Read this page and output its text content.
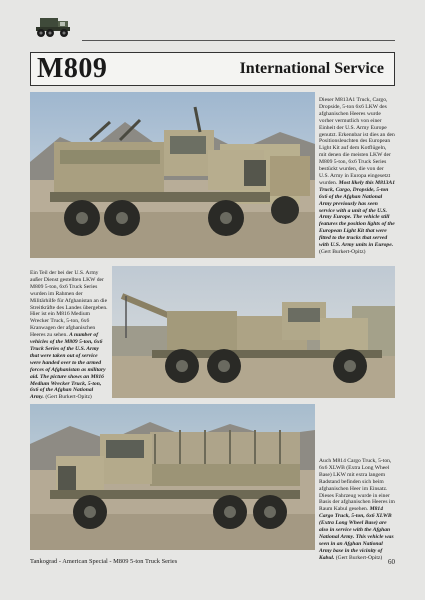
M809	International Service
Dieser M813A1 Truck, Cargo, Dropside, 5-ton 6x6 LKW des afghanischen Heeres wurde vorher vermutlich von einer Einheit der U.S. Army Europe genutzt. Erkennbar ist dies an den Positionsleuchten des European Light Kit auf dem Kotflügeln, mit denen die meisten LKW der M809 5-ton, 6x6 Truck Series bestückt wurden, die von der U.S. Army in Europa eingesetzt wurden. Most likely this M813A1 Truck, Cargo, Dropside, 5-ton 6x6 of the Afghan National Army previously has seen service with a unit of the U.S. Army Europe. The vehicle still features the position lights of the European Light Kit that were fitted to the trucks that served with U.S. Army units in Europe. (Gert Burkert-Opitz)
Ein Teil der bei der U.S. Army außer Dienst gestellten LKW der M809 5-ton, 6x6 Truck Series wurden im Rahmen der Militärhilfe für Afghanistan an die Streitkräfte des Landes übergeben. Hier ist ein M816 Medium Wrecker Truck, 5-ton, 6x6 Kranwagen der afghanischen Heeres zu sehen. A number of vehicles of the M809 5-ton, 6x6 Truck Series of the U.S. Army that were taken out of service were handed over to the armed forces of Afghanistan as military aid. The picture shows an M816 Medium Wrecker Truck, 5-ton, 6x6 of the Afghan National Army. (Gert Burkert-Opitz)
Auch M814 Cargo Truck, 5-ton, 6x6 XLWB (Extra Long Wheel Base) LKW mit extra langem Radstand befinden sich beim afghanischen Heer im Einsatz. Dieses Fahrzeug wurde in einer Basis der afghanischen Heeres im Raum Kabul gesehen. M814 Cargo Truck, 5-ton, 6x6 XLWB (Extra Long Wheel Base) are also in service with the Afghan National Army. This vehicle was seen in an Afghan National Army base in the vicinity of Kabul. (Gert Burkert-Opitz)
Tankograd - American Special - M809 5-ton Truck Series	60
